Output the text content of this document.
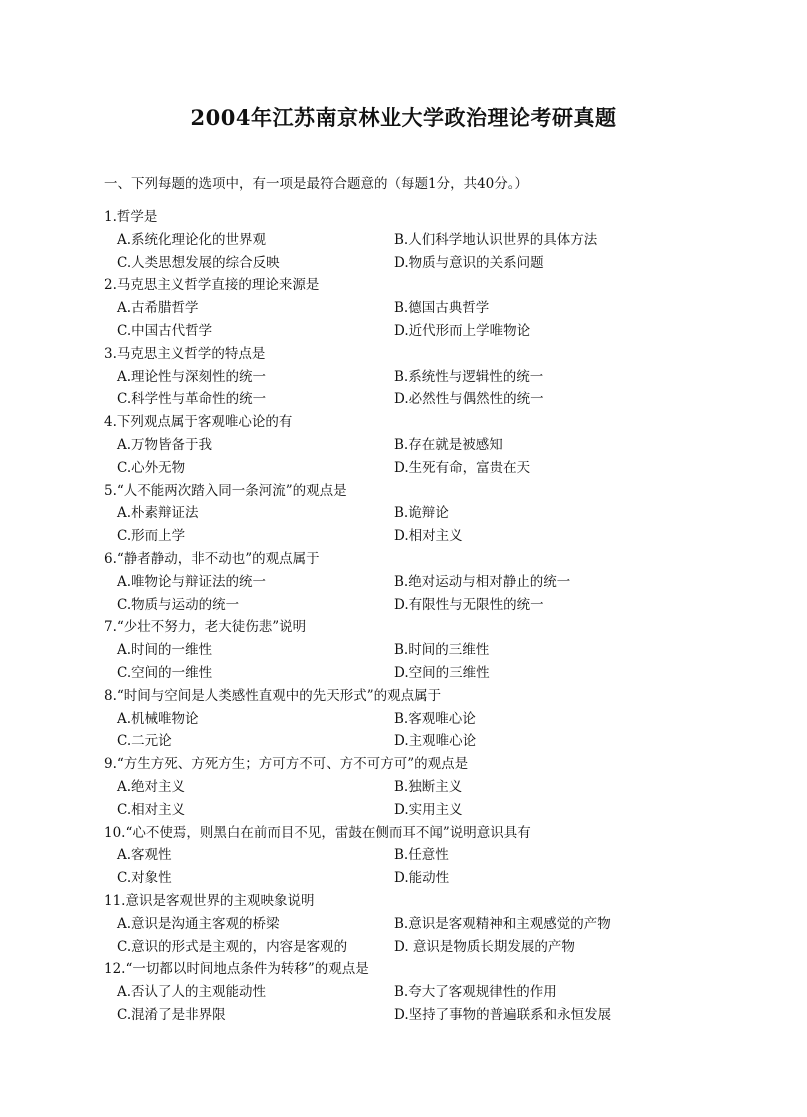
2004年江苏南京林业大学政治理论考研真题
一、下列每题的选项中，有一项是最符合题意的（每题1分，共40分。）
1.哲学是
A.系统化理论化的世界观	B.人们科学地认识世界的具体方法
C.人类思想发展的综合反映	D.物质与意识的关系问题
2.马克思主义哲学直接的理论来源是
A.古希腊哲学	B.德国古典哲学
C.中国古代哲学	D.近代形而上学唯物论
3.马克思主义哲学的特点是
A.理论性与深刻性的统一	B.系统性与逻辑性的统一
C.科学性与革命性的统一	D.必然性与偶然性的统一
4.下列观点属于客观唯心论的有
A.万物皆备于我	B.存在就是被感知
C.心外无物	D.生死有命，富贵在天
5.“人不能两次踏入同一条河流”的观点是
A.朴素辩证法	B.诡辩论
C.形而上学	D.相对主义
6.“静者静动，非不动也”的观点属于
A.唯物论与辩证法的统一	B.绝对运动与相对静止的统一
C.物质与运动的统一	D.有限性与无限性的统一
7.“少壮不努力，老大徒伤悲”说明
A.时间的一维性	B.时间的三维性
C.空间的一维性	D.空间的三维性
8.“时间与空间是人类感性直观中的先天形式”的观点属于
A.机械唯物论	B.客观唯心论
C.二元论	D.主观唯心论
9.“方生方死、方死方生；方可方不可、方不可方可”的观点是
A.绝对主义	B.独断主义
C.相对主义	D.实用主义
10.“心不使焉，则黑白在前而目不见，雷鼓在侧而耳不闻”说明意识具有
A.客观性	B.任意性
C.对象性	D.能动性
11.意识是客观世界的主观映象说明
A.意识是沟通主客观的桥梁	B.意识是客观精神和主观感觉的产物
C.意识的形式是主观的，内容是客观的	D. 意识是物质长期发展的产物
12.“一切都以时间地点条件为转移”的观点是
A.否认了人的主观能动性	B.夸大了客观规律性的作用
C.混淆了是非界限	D.坚持了事物的普遍联系和永恒发展
